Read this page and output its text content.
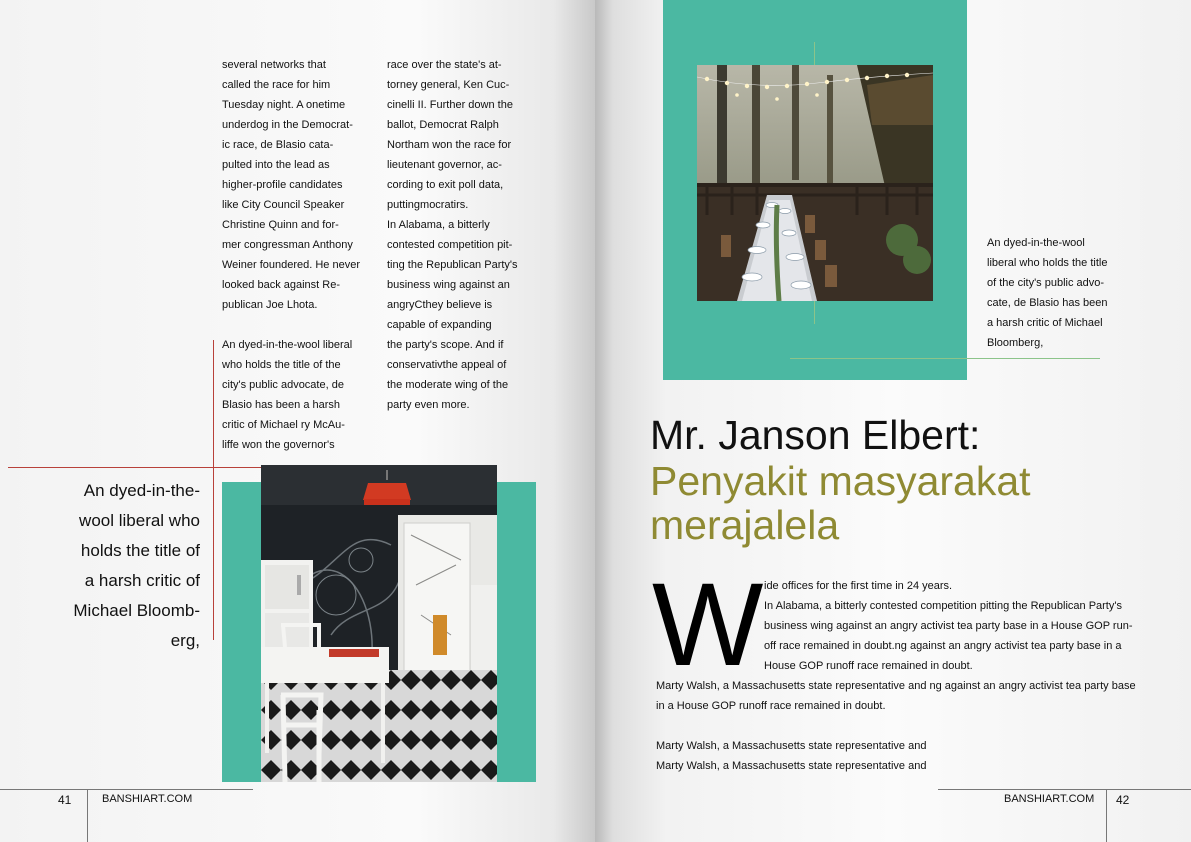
several networks that
called the race for him
Tuesday night. A onetime
underdog in the Democrat-
ic race, de Blasio cata-
pulted into the lead as
higher-profile candidates
like City Council Speaker
Christine Quinn and for-
mer congressman Anthony
Weiner foundered. He never
looked back against Re-
publican Joe Lhota.

An dyed-in-the-wool liberal
who holds the title of the
city's public advocate, de
Blasio has been a harsh
critic of Michael ry McAu-
liffe won the governor's

race over the state's at-
torney general, Ken Cuc-
cinelli II. Further down the
ballot, Democrat Ralph
Northam won the race for
lieutenant governor, ac-
cording to exit poll data,
puttingmocratirs.
In Alabama, a bitterly
contested competition pit-
ting the Republican Party's
business wing against an
angryCthey believe is
capable of expanding
the party's scope. And if
conservativthe appeal of
the moderate wing of the
party even more.

An dyed-in-the-
wool liberal who
holds the title of
a harsh critic of
Michael Bloomb-
erg,
41	BANSHIART.COM
An dyed-in-the-wool
liberal who holds the title
of the city's public advo-
cate, de Blasio has been
a harsh critic of Michael
Bloomberg,
Mr. Janson Elbert:
Penyakit masyarakat
merajalela
W ide offices for the first time in 24 years.
In Alabama, a bitterly contested competition pitting the Republican Party's
business wing against an angry activist tea party base in a House GOP run-
off race remained in doubt.ng against an angry activist tea party base in a
House GOP runoff race remained in doubt.
Marty Walsh, a Massachusetts state representative and ng against an angry activist tea party base
in a House GOP runoff race remained in doubt.
Marty Walsh, a Massachusetts state representative and
Marty Walsh, a Massachusetts state representative and
BANSHIART.COM 42
